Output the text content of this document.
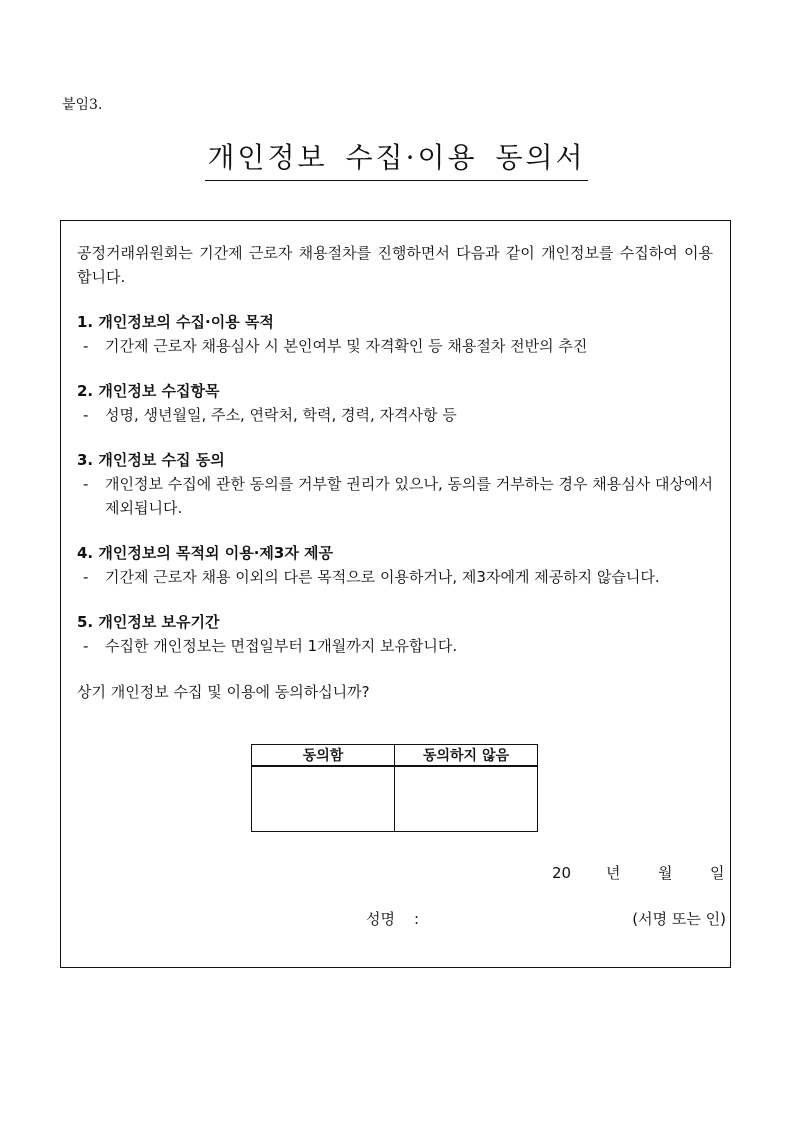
붙임3.
개인정보 수집·이용 동의서

공정거래위원회는 기간제 근로자 채용절차를 진행하면서 다음과 같이 개인정보를 수집하여 이용합니다.

1. 개인정보의 수집·이용 목적

- 기간제 근로자 채용심사 시 본인여부 및 자격확인 등 채용절차 전반의 추진

2. 개인정보 수집항목

- 성명, 생년월일, 주소, 연락처, 학력, 경력, 자격사항 등

3. 개인정보 수집 동의

- 개인정보 수집에 관한 동의를 거부할 권리가 있으나, 동의를 거부하는 경우 채용심사 대상에서 제외됩니다.

4. 개인정보의 목적외 이용·제3자 제공

- 기간제 근로자 채용 이외의 다른 목적으로 이용하거나, 제3자에게 제공하지 않습니다.

5. 개인정보 보유기간

- 수집한 개인정보는 면접일부터 1개월까지 보유합니다.

상기 개인정보 수집 및 이용에 동의하십니까?

동의함	동의하지 않음

20 년	월	일
성명 :	(서명 또는 인)
